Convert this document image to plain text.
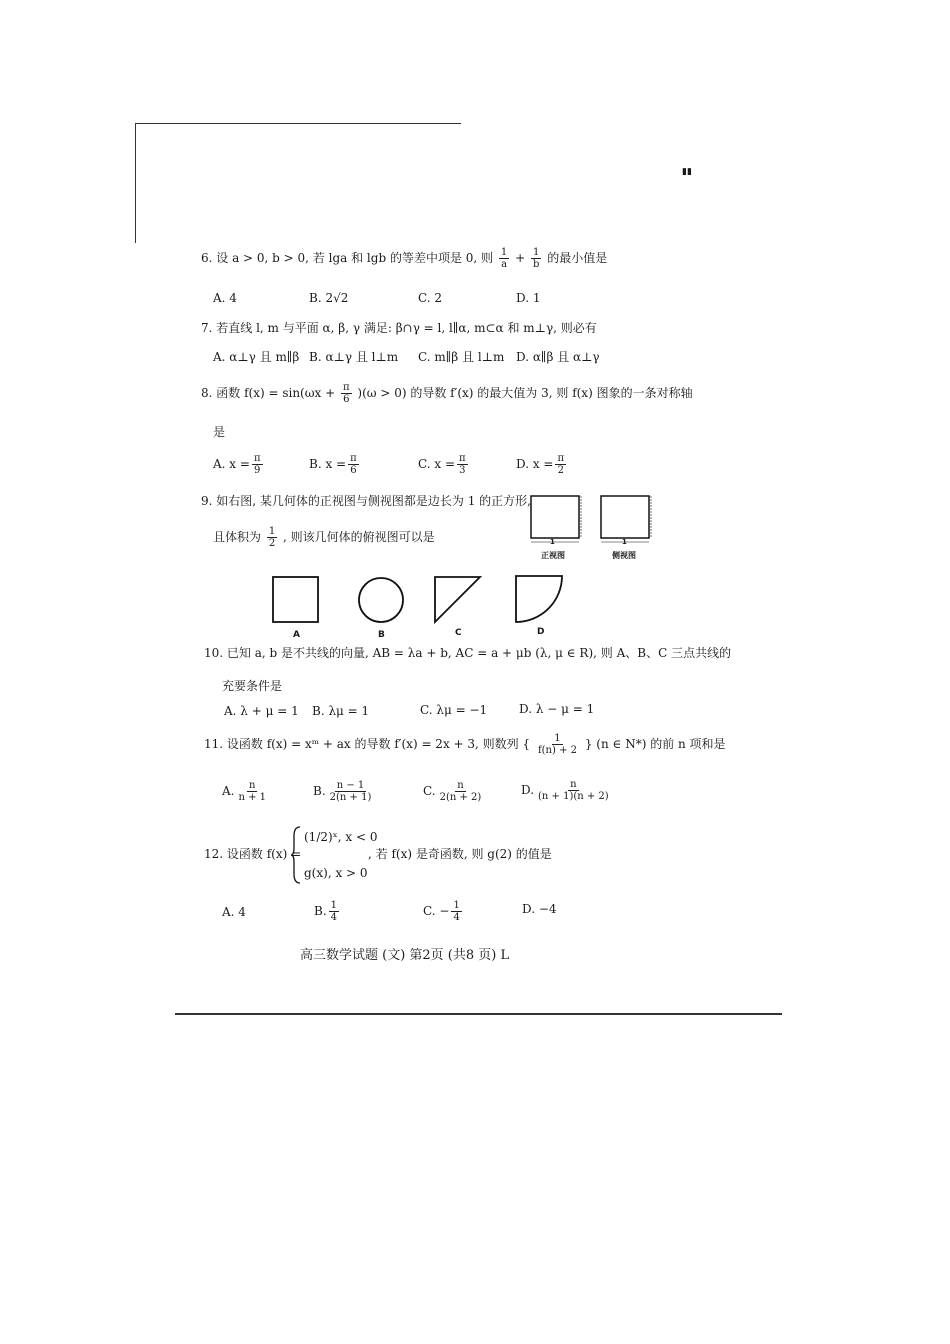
▮▮
6. 设 a > 0, b > 0, 若 lga 和 lgb 的等差中项是 0, 则 $\frac{1}{a} + \frac{1}{b}$ 的最小值是
A. 4	B. 2√2	C. 2	D. 1
7. 若直线 l, m 与平面 α, β, γ 满足: β∩γ = l, l∥α, m⊂α 和 m⊥γ, 则必有
A. α⊥γ 且 m∥β B. α⊥γ 且 l⊥m C. m∥β 且 l⊥m D. α∥β 且 α⊥γ
8. 函数 $f(x) = \sin(\omega x + \frac{\pi}{6} )(\omega > 0)$ 的导数 f′(x) 的最大值为 3, 则 f(x) 图象的一条对称轴
是
A. $x = \frac{\pi}{9}$	B. $x = \frac{\pi}{6}$	C. $x = \frac{\pi}{3}$	D. $x = \frac{\pi}{2}$
9. 如右图, 某几何体的正视图与侧视图都是边长为 1 的正方形,
且体积为 $\frac{1}{2}$ , 则该几何体的俯视图可以是	1
正视图
1
侧视图
A	B	C	D
10. 已知 a, b 是不共线的向量, AB = λa + b, AC = a + μb (λ, μ ∈ R), 则 A、B、C 三点共线的
充要条件是
A. λ + μ = 1 B. λμ = 1	C. λμ = −1	D. λ − μ = 1
11. 设函数 f(x) = xᵐ + ax 的导数 f′(x) = 2x + 3, 则数列 { $\frac{1}{f(n) + 2}$ } (n ∈ N*) 的前 n 项和是
A. $\frac{n}{n + 1}$	B. $\frac{n - 1}{2(n + 1)}$	C. $\frac{n}{2(n + 2)}$	D. $\frac{n}{(n + 1)(n + 2)}$
12. 设函数 f(x) =
(1/2)ˣ, x < 0
g(x), x > 0
, 若 f(x) 是奇函数, 则 g(2) 的值是
A. 4	B. $\frac{1}{4}$	C. − $\frac{1}{4}$	D. −4
高三数学试题 (文) 第2页 (共8 页) L
